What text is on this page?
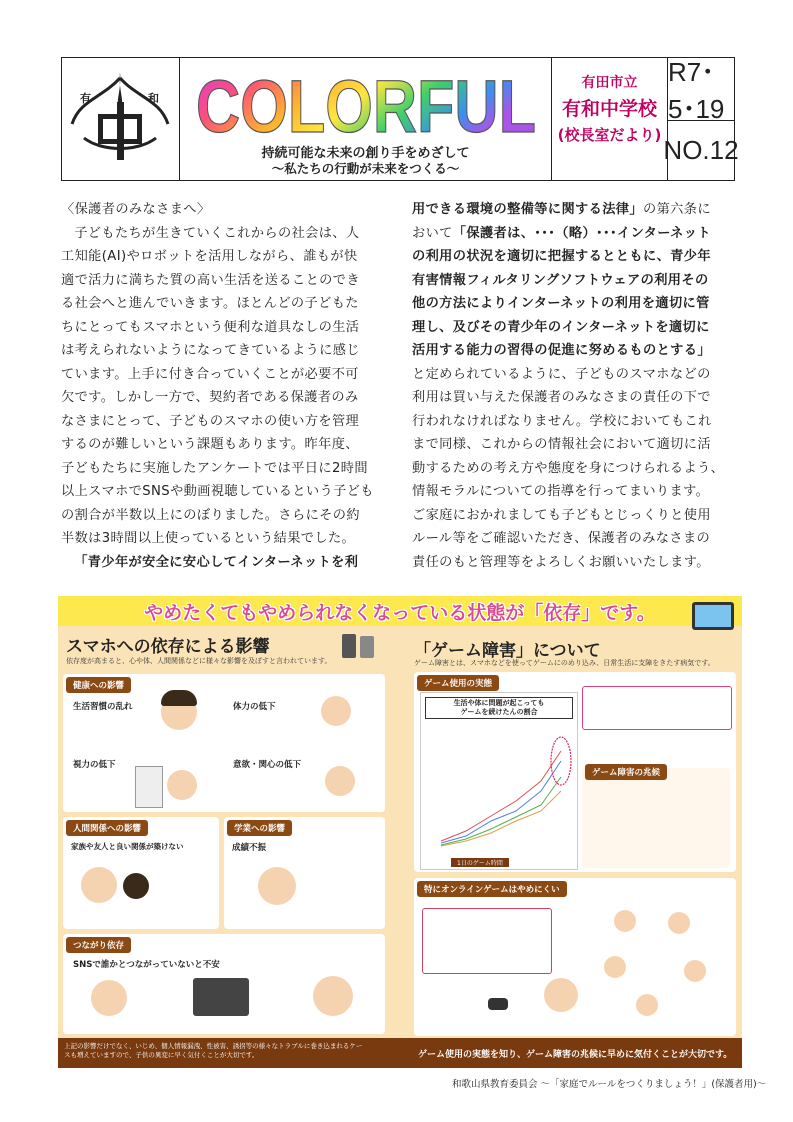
有	和 COLORFUL
持続可能な未来の創り手をめざして
～私たちの行動が未来をつくる～
有田市立
有和中学校
(校長室だより)
R7･5･19
NO.12

〈保護者のみなさまへ〉

子どもたちが生きていくこれからの社会は、人

工知能(AI)やロボットを活用しながら、誰もが快

適で活力に満ちた質の高い生活を送ることのでき

る社会へと進んでいきます。ほとんどの子どもた

ちにとってもスマホという便利な道具なしの生活

は考えられないようになってきているように感じ

ています。上手に付き合っていくことが必要不可

欠です。しかし一方で、契約者である保護者のみ

なさまにとって、子どものスマホの使い方を管理

するのが難しいという課題もあります。昨年度、

子どもたちに実施したアンケートでは平日に2時間

以上スマホでSNSや動画視聴しているという子ども

の割合が半数以上にのぼりました。さらにその約

半数は3時間以上使っているという結果でした。

「青少年が安全に安心してインターネットを利

用できる環境の整備等に関する法律」の第六条に

おいて「保護者は、･･･（略）･･･インターネット

の利用の状況を適切に把握するとともに、青少年

有害情報フィルタリングソフトウェアの利用その

他の方法によりインターネットの利用を適切に管

理し、及びその青少年のインターネットを適切に

活用する能力の習得の促進に努めるものとする」

と定められているように、子どものスマホなどの

利用は買い与えた保護者のみなさまの責任の下で

行われなければなりません。学校においてもこれ

まで同様、これからの情報社会において適切に活

動するための考え方や態度を身につけられるよう、

情報モラルについての指導を行ってまいります。

ご家庭におかれましても子どもとじっくりと使用

ルール等をご確認いただき、保護者のみなさまの

責任のもと管理等をよろしくお願いいたします。

やめたくてもやめられなくなっている状態が「依存」です。
スマホへの依存による影響
依存度が高まると、心や体、人間関係などに様々な影響を及ぼすと言われています。
健康への影響
生活習慣の乱れ	体力の低下
視力の低下	意欲・関心の低下
人間関係への影響
家族や友人と良い関係が築けない
学業への影響
成績不振
つながり依存
SNSで誰かとつながっていないと不安
「ゲーム障害」について
ゲーム障害とは、スマホなどを使ってゲームにのめり込み、日常生活に支障をきたす病気です。
ゲーム使用の実態
生活や体に問題が起こっても
ゲームを続けたんの割合
1日のゲーム時間
ゲーム障害の兆候
特にオンラインゲームはやめにくい
上記の影響だけでなく、いじめ、個人情報漏洩、性被害、誘拐等の様々なトラブルに巻き込まれるケースも増えていますので、子供の異変に早く気付くことが大切です。	ゲーム使用の実態を知り、ゲーム障害の兆候に早めに気付くことが大切です。
和歌山県教育委員会 ～「家庭でルールをつくりましょう！」(保護者用)～
